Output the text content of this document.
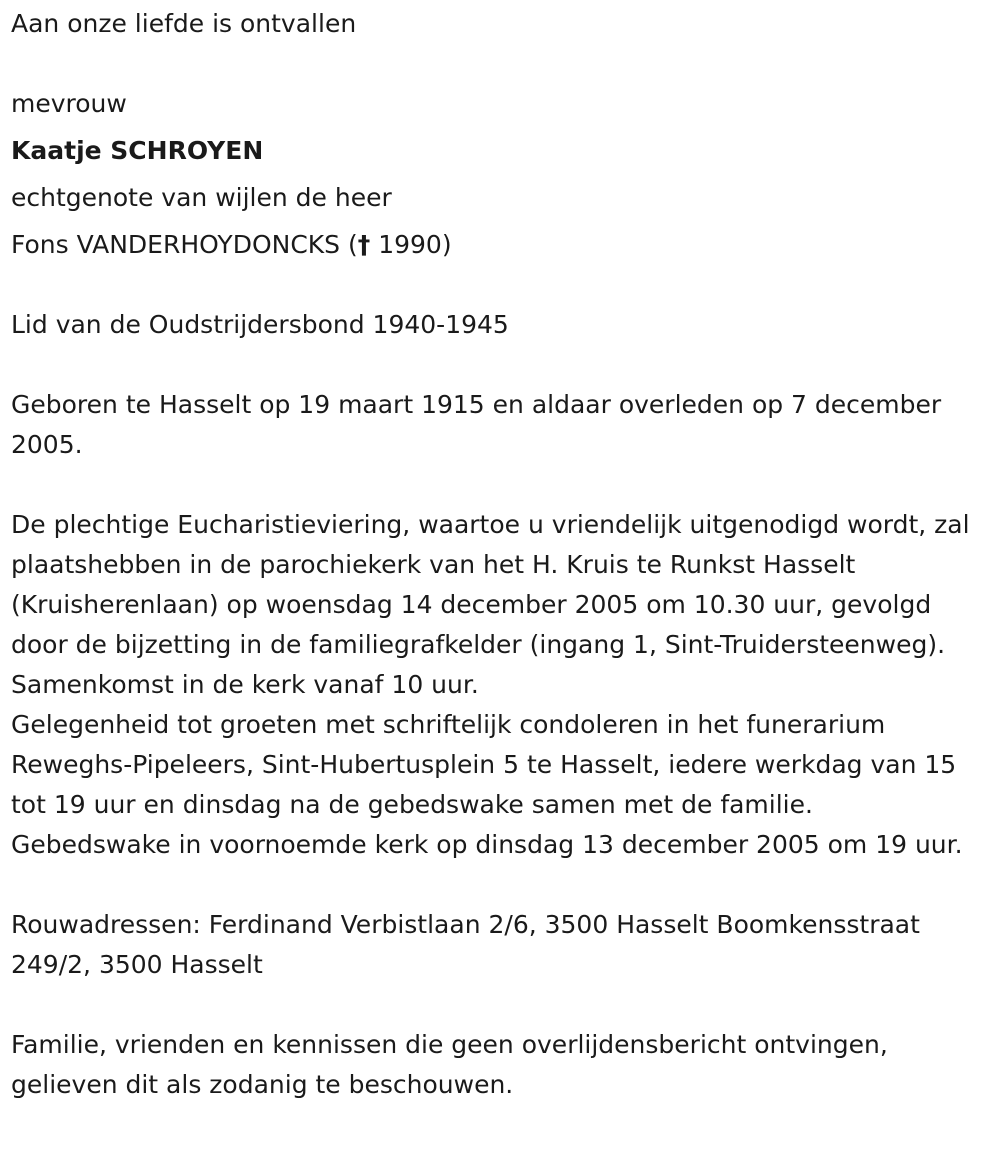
Aan onze liefde is ontvallen

mevrouw

Kaatje SCHROYEN

echtgenote van wijlen de heer

Fons VANDERHOYDONCKS († 1990)

Lid van de Oudstrijdersbond 1940-1945

Geboren te Hasselt op 19 maart 1915 en aldaar overleden op 7 december 2005.

De plechtige Eucharistieviering, waartoe u vriendelijk uitgenodigd wordt, zal plaatshebben in de parochiekerk van het H. Kruis te Runkst Hasselt (Kruisherenlaan) op woensdag 14 december 2005 om 10.30 uur, gevolgd door de bijzetting in de familiegrafkelder (ingang 1, Sint-Truidersteenweg). Samenkomst in de kerk vanaf 10 uur.

Gelegenheid tot groeten met schriftelijk condoleren in het funerarium Reweghs-Pipeleers, Sint-Hubertusplein 5 te Hasselt, iedere werkdag van 15 tot 19 uur en dinsdag na de gebedswake samen met de familie.

Gebedswake in voornoemde kerk op dinsdag 13 december 2005 om 19 uur.

Rouwadressen: Ferdinand Verbistlaan 2/6, 3500 Hasselt Boomkensstraat 249/2, 3500 Hasselt

Familie, vrienden en kennissen die geen overlijdensbericht ontvingen, gelieven dit als zodanig te beschouwen.
